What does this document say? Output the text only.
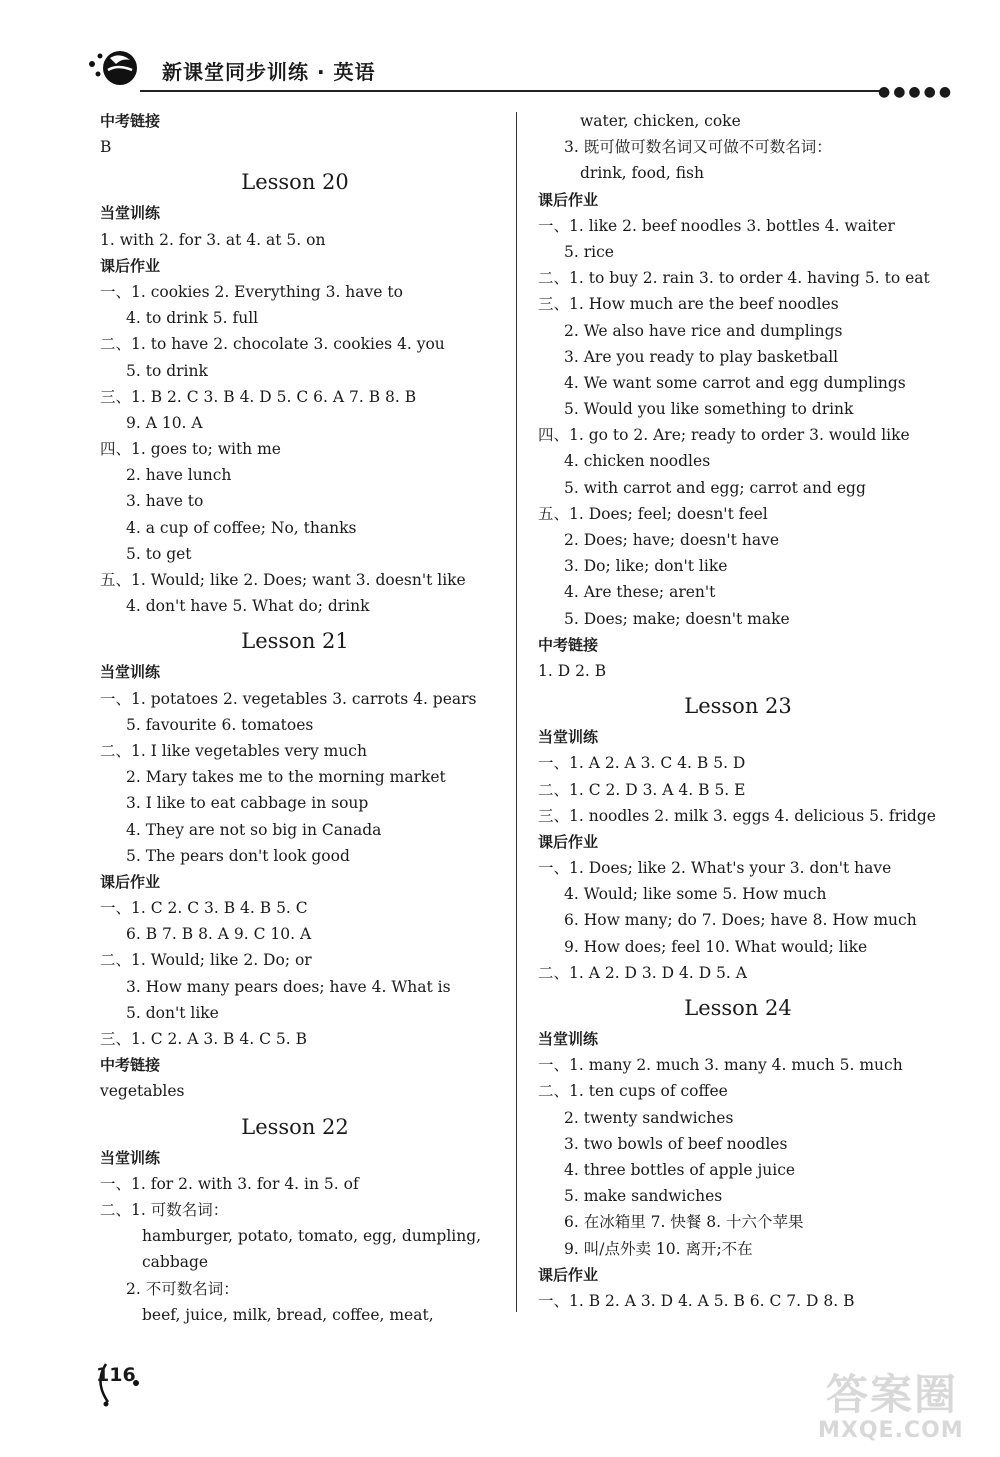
新课堂同步训练 · 英语
●●●●●
中考链接
B
Lesson 20
当堂训练
1. with 2. for 3. at 4. at 5. on
课后作业
一、1. cookies 2. Everything 3. have to
4. to drink 5. full
二、1. to have 2. chocolate 3. cookies 4. you
5. to drink
三、1. B 2. C 3. B 4. D 5. C 6. A 7. B 8. B
9. A 10. A
四、1. goes to; with me
2. have lunch
3. have to
4. a cup of coffee; No, thanks
5. to get
五、1. Would; like 2. Does; want 3. doesn't like
4. don't have 5. What do; drink
Lesson 21
当堂训练
一、1. potatoes 2. vegetables 3. carrots 4. pears
5. favourite 6. tomatoes
二、1. I like vegetables very much
2. Mary takes me to the morning market
3. I like to eat cabbage in soup
4. They are not so big in Canada
5. The pears don't look good
课后作业
一、1. C 2. C 3. B 4. B 5. C
6. B 7. B 8. A 9. C 10. A
二、1. Would; like 2. Do; or
3. How many pears does; have 4. What is
5. don't like
三、1. C 2. A 3. B 4. C 5. B
中考链接
vegetables
Lesson 22
当堂训练
一、1. for 2. with 3. for 4. in 5. of
二、1. 可数名词：
hamburger, potato, tomato, egg, dumpling,
cabbage
2. 不可数名词：
beef, juice, milk, bread, coffee, meat,
water, chicken, coke
3. 既可做可数名词又可做不可数名词：
drink, food, fish
课后作业
一、1. like 2. beef noodles 3. bottles 4. waiter
5. rice
二、1. to buy 2. rain 3. to order 4. having 5. to eat
三、1. How much are the beef noodles
2. We also have rice and dumplings
3. Are you ready to play basketball
4. We want some carrot and egg dumplings
5. Would you like something to drink
四、1. go to 2. Are; ready to order 3. would like
4. chicken noodles
5. with carrot and egg; carrot and egg
五、1. Does; feel; doesn't feel
2. Does; have; doesn't have
3. Do; like; don't like
4. Are these; aren't
5. Does; make; doesn't make
中考链接
1. D 2. B
Lesson 23
当堂训练
一、1. A 2. A 3. C 4. B 5. D
二、1. C 2. D 3. A 4. B 5. E
三、1. noodles 2. milk 3. eggs 4. delicious 5. fridge
课后作业
一、1. Does; like 2. What's your 3. don't have
4. Would; like some 5. How much
6. How many; do 7. Does; have 8. How much
9. How does; feel 10. What would; like
二、1. A 2. D 3. D 4. D 5. A
Lesson 24
当堂训练
一、1. many 2. much 3. many 4. much 5. much
二、1. ten cups of coffee
2. twenty sandwiches
3. two bowls of beef noodles
4. three bottles of apple juice
5. make sandwiches
6. 在冰箱里 7. 快餐 8. 十六个苹果
9. 叫/点外卖 10. 离开;不在
课后作业
一、1. B 2. A 3. D 4. A 5. B 6. C 7. D 8. B
116	答案圈
MXQE.COM
